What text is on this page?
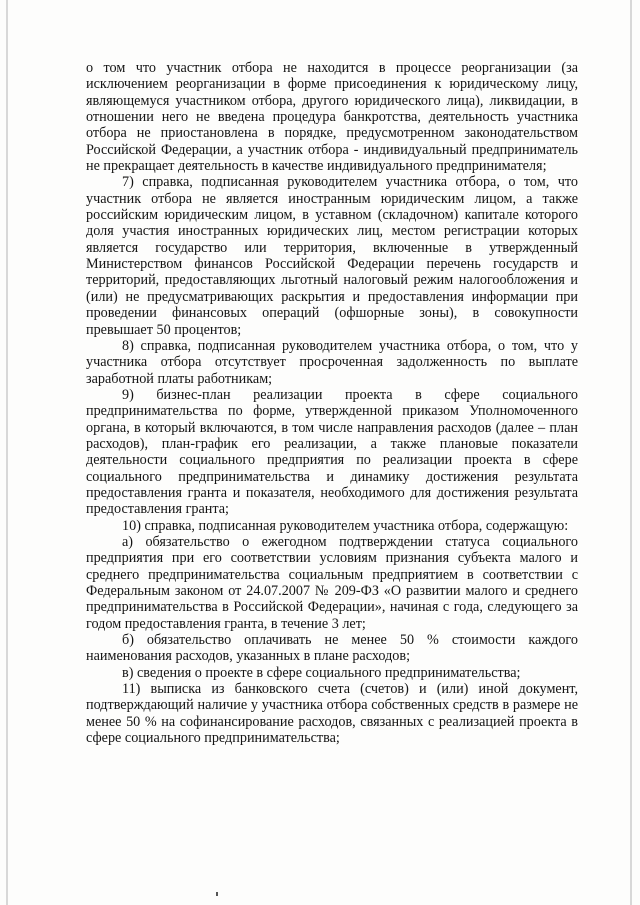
о том что участник отбора не находится в процессе реорганизации (за исключением реорганизации в форме присоединения к юридическому лицу, являющемуся участником отбора, другого юридического лица), ликвидации, в отношении него не введена процедура банкротства, деятельность участника отбора не приостановлена в порядке, предусмотренном законодательством Российской Федерации, а участник отбора - индивидуальный предприниматель не прекращает деятельность в качестве индивидуального предпринимателя;

7) справка, подписанная руководителем участника отбора, о том, что участник отбора не является иностранным юридическим лицом, а также российским юридическим лицом, в уставном (складочном) капитале которого доля участия иностранных юридических лиц, местом регистрации которых является государство или территория, включенные в утвержденный Министерством финансов Российской Федерации перечень государств и территорий, предоставляющих льготный налоговый режим налогообложения и (или) не предусматривающих раскрытия и предоставления информации при проведении финансовых операций (офшорные зоны), в совокупности превышает 50 процентов;

8) справка, подписанная руководителем участника отбора, о том, что у участника отбора отсутствует просроченная задолженность по выплате заработной платы работникам;

9) бизнес-план реализации проекта в сфере социального предпринимательства по форме, утвержденной приказом Уполномоченного органа, в который включаются, в том числе направления расходов (далее – план расходов), план-график его реализации, а также плановые показатели деятельности социального предприятия по реализации проекта в сфере социального предпринимательства и динамику достижения результата предоставления гранта и показателя, необходимого для достижения результата предоставления гранта;

10) справка, подписанная руководителем участника отбора, содержащую:

а) обязательство о ежегодном подтверждении статуса социального предприятия при его соответствии условиям признания субъекта малого и среднего предпринимательства социальным предприятием в соответствии с Федеральным законом от 24.07.2007 № 209-ФЗ «О развитии малого и среднего предпринимательства в Российской Федерации», начиная с года, следующего за годом предоставления гранта, в течение 3 лет;

б) обязательство оплачивать не менее 50 % стоимости каждого наименования расходов, указанных в плане расходов;

в) сведения о проекте в сфере социального предпринимательства;

11) выписка из банковского счета (счетов) и (или) иной документ, подтверждающий наличие у участника отбора собственных средств в размере не менее 50 % на софинансирование расходов, связанных с реализацией проекта в сфере социального предпринимательства;
